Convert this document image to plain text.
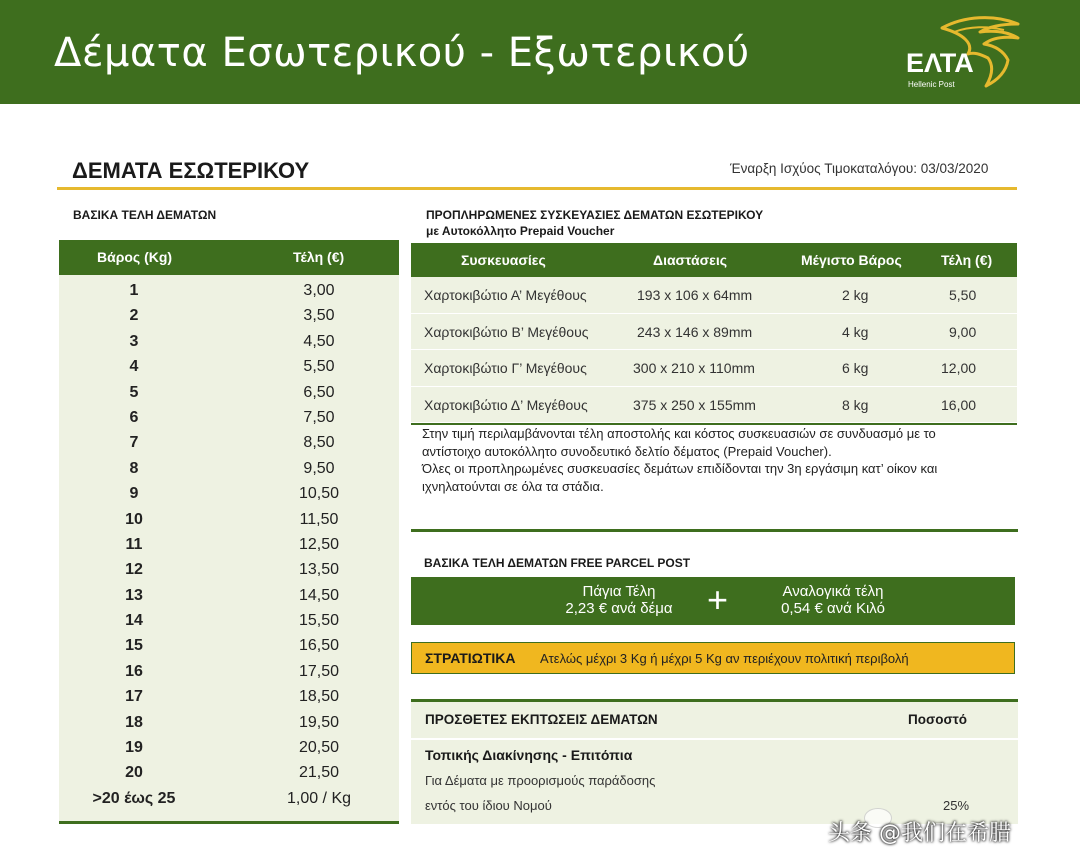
Δέματα Εσωτερικού - Εξωτερικού	ΕΛΤΑ
Hellenic Post
ΔΕΜΑΤΑ ΕΣΩΤΕΡΙΚΟΥ	Έναρξη Ισχύος Τιμοκαταλόγου: 03/03/2020
ΒΑΣΙΚΑ ΤΕΛΗ ΔΕΜΑΤΩΝ
Βάρος (Kg)	Τέλη (€)
1	3,00
2	3,50
3	4,50
4	5,50
5	6,50
6	7,50
7	8,50
8	9,50
9	10,50
10	11,50
11	12,50
12	13,50
13	14,50
14	15,50
15	16,50
16	17,50
17	18,50
18	19,50
19	20,50
20	21,50
>20 έως 25	1,00 / Kg
ΠΡΟΠΛΗΡΩΜΕΝΕΣ ΣΥΣΚΕΥΑΣΙΕΣ ΔΕΜΑΤΩΝ ΕΣΩΤΕΡΙΚΟΥ
με Αυτοκόλλητο Prepaid Voucher
Συσκευασίες	Διαστάσεις	Μέγιστο Βάρος	Τέλη (€)
Χαρτοκιβώτιο Α’ Μεγέθους	193 x 106 x 64mm	2 kg	5,50
Χαρτοκιβώτιο Β’ Μεγέθους	243 x 146 x 89mm	4 kg	9,00
Χαρτοκιβώτιο Γ’ Μεγέθους	300 x 210 x 110mm	6 kg	12,00
Χαρτοκιβώτιο Δ’ Μεγέθους	375 x 250 x 155mm	8 kg	16,00
Στην τιμή περιλαμβάνονται τέλη αποστολής και κόστος συσκευασιών σε συνδυασμό με το
αντίστοιχο αυτοκόλλητο συνοδευτικό δελτίο δέματος (Prepaid Voucher).
Όλες οι προπληρωμένες συσκευασίες δεμάτων επιδίδονται την 3η εργάσιμη κατ’ οίκον και
ιχνηλατούνται σε όλα τα στάδια.
ΒΑΣΙΚΑ ΤΕΛΗ ΔΕΜΑΤΩΝ FREE PARCEL POST
Πάγια Τέλη
2,23 € ανά δέμα +	Αναλογικά τέλη
0,54 € ανά Κιλό
ΣΤΡΑΤΙΩΤΙΚΑ Ατελώς μέχρι 3 Kg ή μέχρι 5 Kg αν περιέχουν πολιτική περιβολή
ΠΡΟΣΘΕΤΕΣ ΕΚΠΤΩΣΕΙΣ ΔΕΜΑΤΩΝ	Ποσοστό
Τοπικής Διακίνησης - Επιτόπια
Για Δέματα με προορισμούς παράδοσης
εντός του ίδιου Νομού	25%
头条 @我们在希腊
